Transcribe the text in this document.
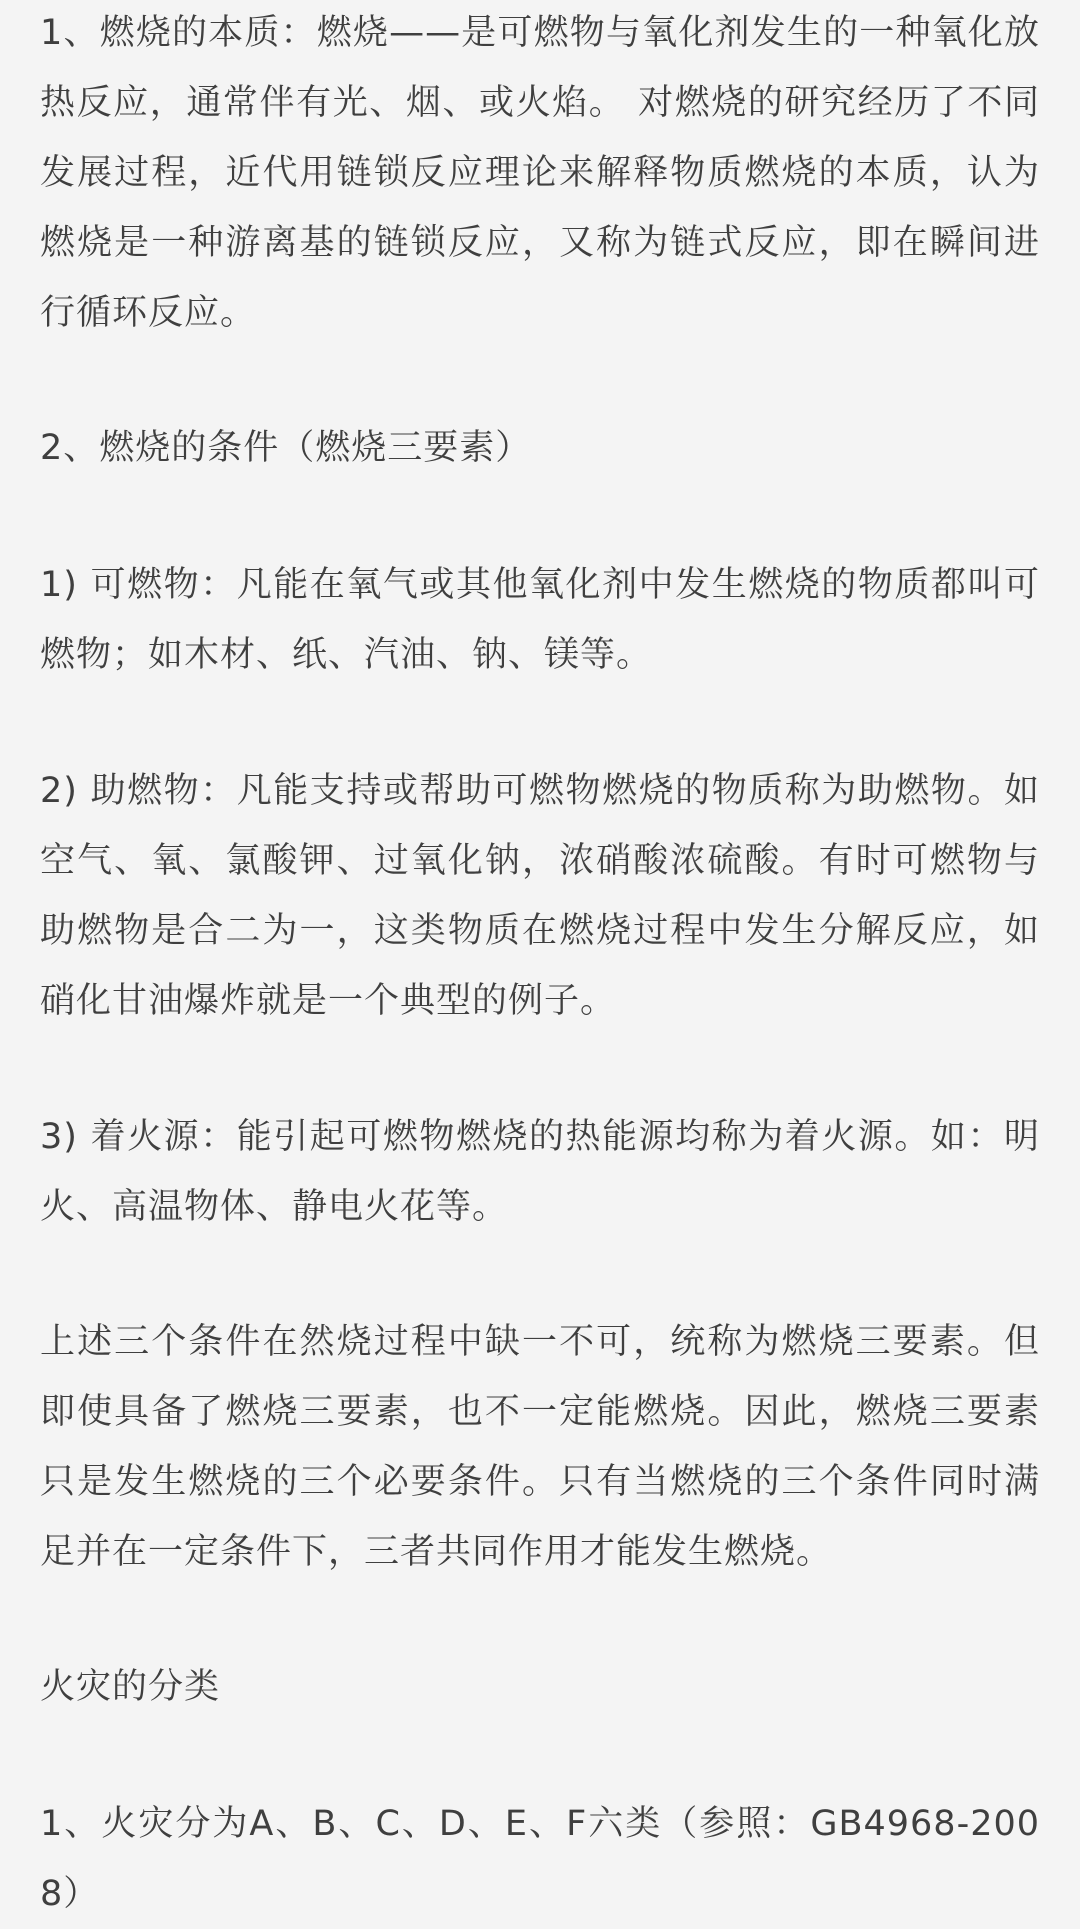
1、燃烧的本质：燃烧——是可燃物与氧化剂发生的一种氧化放热反应，通常伴有光、烟、或火焰。 对燃烧的研究经历了不同发展过程，近代用链锁反应理论来解释物质燃烧的本质，认为燃烧是一种游离基的链锁反应，又称为链式反应，即在瞬间进行循环反应。

2、燃烧的条件（燃烧三要素）

1) 可燃物：凡能在氧气或其他氧化剂中发生燃烧的物质都叫可燃物；如木材、纸、汽油、钠、镁等。

2) 助燃物：凡能支持或帮助可燃物燃烧的物质称为助燃物。如空气、氧、氯酸钾、过氧化钠，浓硝酸浓硫酸。有时可燃物与助燃物是合二为一，这类物质在燃烧过程中发生分解反应，如硝化甘油爆炸就是一个典型的例子。

3) 着火源：能引起可燃物燃烧的热能源均称为着火源。如：明火、高温物体、静电火花等。

上述三个条件在然烧过程中缺一不可，统称为燃烧三要素。但即使具备了燃烧三要素，也不一定能燃烧。因此，燃烧三要素只是发生燃烧的三个必要条件。只有当燃烧的三个条件同时满足并在一定条件下，三者共同作用才能发生燃烧。

火灾的分类

1、火灾分为A、B、C、D、E、F六类（参照：GB4968-2008）
